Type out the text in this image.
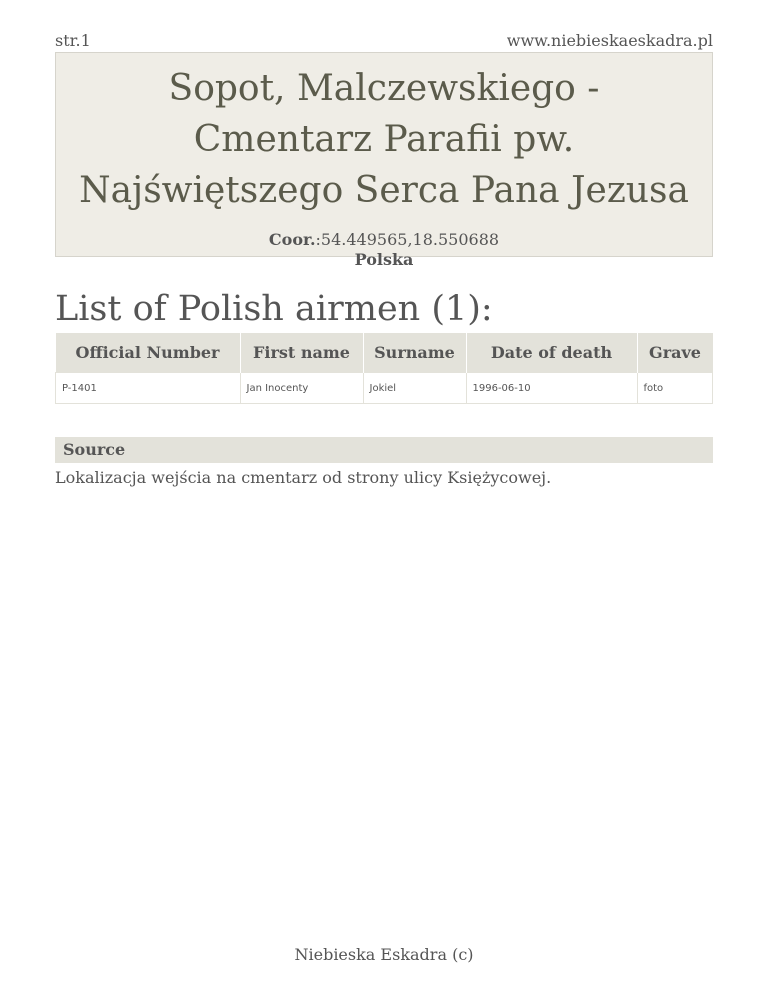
str.1	www.niebieskaeskadra.pl
Sopot, Malczewskiego - Cmentarz Parafii pw. Najświętszego Serca Pana Jezusa
Coor.:54.449565,18.550688
Polska
List of Polish airmen (1):
Official Number	First name	Surname	Date of death	Grave
P-1401	Jan Inocenty	Jokiel	1996-06-10	foto
Source
Lokalizacja wejścia na cmentarz od strony ulicy Księżycowej.
Niebieska Eskadra (c)
